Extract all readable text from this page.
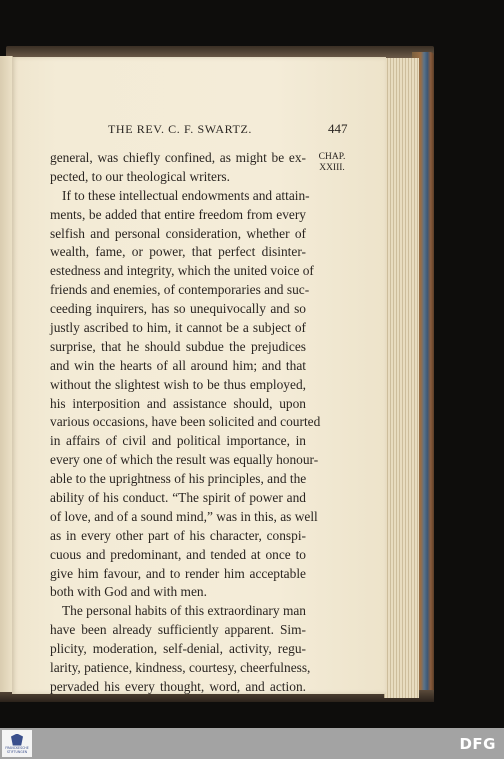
THE REV. C. F. SWARTZ.	447
CHAP.
XXIII.
general, was chiefly confined, as might be ex-
pected, to our theological writers.
If to these intellectual endowments and attain-
ments, be added that entire freedom from every
selfish and personal consideration, whether of
wealth, fame, or power, that perfect disinter-
estedness and integrity, which the united voice of
friends and enemies, of contemporaries and suc-
ceeding inquirers, has so unequivocally and so
justly ascribed to him, it cannot be a subject of
surprise, that he should subdue the prejudices
and win the hearts of all around him; and that
without the slightest wish to be thus employed,
his interposition and assistance should, upon
various occasions, have been solicited and courted
in affairs of civil and political importance, in
every one of which the result was equally honour-
able to the uprightness of his principles, and the
ability of his conduct. “The spirit of power and
of love, and of a sound mind,” was in this, as well
as in every other part of his character, conspi-
cuous and predominant, and tended at once to
give him favour, and to render him acceptable
both with God and with men.
The personal habits of this extraordinary man
have been already sufficiently apparent. Sim-
plicity, moderation, self-denial, activity, regu-
larity, patience, kindness, courtesy, cheerfulness,
pervaded his every thought, word, and action.
FRANCKESCHE STIFTUNGEN	DFG
